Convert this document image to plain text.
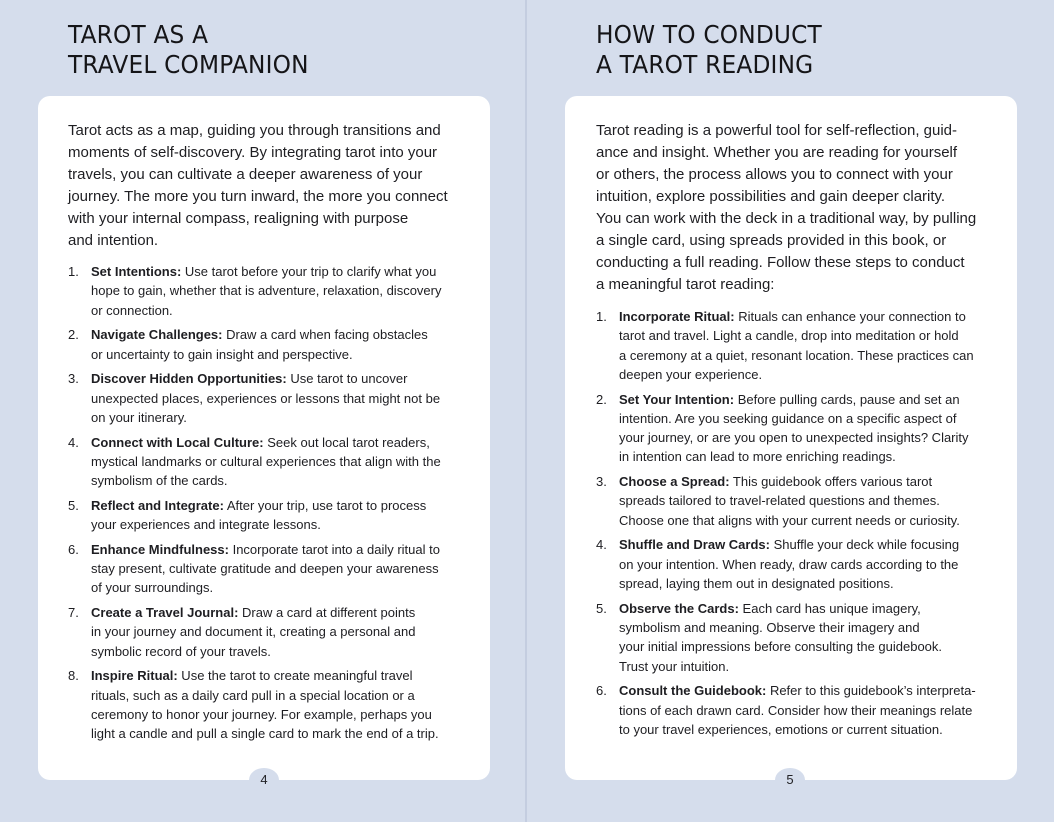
TAROT AS A
TRAVEL COMPANION

Tarot acts as a map, guiding you through transitions and
moments of self-discovery. By integrating tarot into your
travels, you can cultivate a deeper awareness of your
journey. The more you turn inward, the more you connect
with your internal compass, realigning with purpose
and intention.

1. Set Intentions: Use tarot before your trip to clarify what you
hope to gain, whether that is adventure, relaxation, discovery
or connection.
2. Navigate Challenges: Draw a card when facing obstacles
or uncertainty to gain insight and perspective.
3. Discover Hidden Opportunities: Use tarot to uncover
unexpected places, experiences or lessons that might not be
on your itinerary.
4. Connect with Local Culture: Seek out local tarot readers,
mystical landmarks or cultural experiences that align with the
symbolism of the cards.
5. Reflect and Integrate: After your trip, use tarot to process
your experiences and integrate lessons.
6. Enhance Mindfulness: Incorporate tarot into a daily ritual to
stay present, cultivate gratitude and deepen your awareness
of your surroundings.
7. Create a Travel Journal: Draw a card at different points
in your journey and document it, creating a personal and
symbolic record of your travels.
8. Inspire Ritual: Use the tarot to create meaningful travel
rituals, such as a daily card pull in a special location or a
ceremony to honor your journey. For example, perhaps you
light a candle and pull a single card to mark the end of a trip.
4
HOW TO CONDUCT
A TAROT READING

Tarot reading is a powerful tool for self-reflection, guid-
ance and insight. Whether you are reading for yourself
or others, the process allows you to connect with your
intuition, explore possibilities and gain deeper clarity.
You can work with the deck in a traditional way, by pulling
a single card, using spreads provided in this book, or
conducting a full reading. Follow these steps to conduct
a meaningful tarot reading:

1. Incorporate Ritual: Rituals can enhance your connection to
tarot and travel. Light a candle, drop into meditation or hold
a ceremony at a quiet, resonant location. These practices can
deepen your experience.
2. Set Your Intention: Before pulling cards, pause and set an
intention. Are you seeking guidance on a specific aspect of
your journey, or are you open to unexpected insights? Clarity
in intention can lead to more enriching readings.
3. Choose a Spread: This guidebook offers various tarot
spreads tailored to travel-related questions and themes.
Choose one that aligns with your current needs or curiosity.
4. Shuffle and Draw Cards: Shuffle your deck while focusing
on your intention. When ready, draw cards according to the
spread, laying them out in designated positions.
5. Observe the Cards: Each card has unique imagery,
symbolism and meaning. Observe their imagery and
your initial impressions before consulting the guidebook.
Trust your intuition.
6. Consult the Guidebook: Refer to this guidebook’s interpreta-
tions of each drawn card. Consider how their meanings relate
to your travel experiences, emotions or current situation.
5
